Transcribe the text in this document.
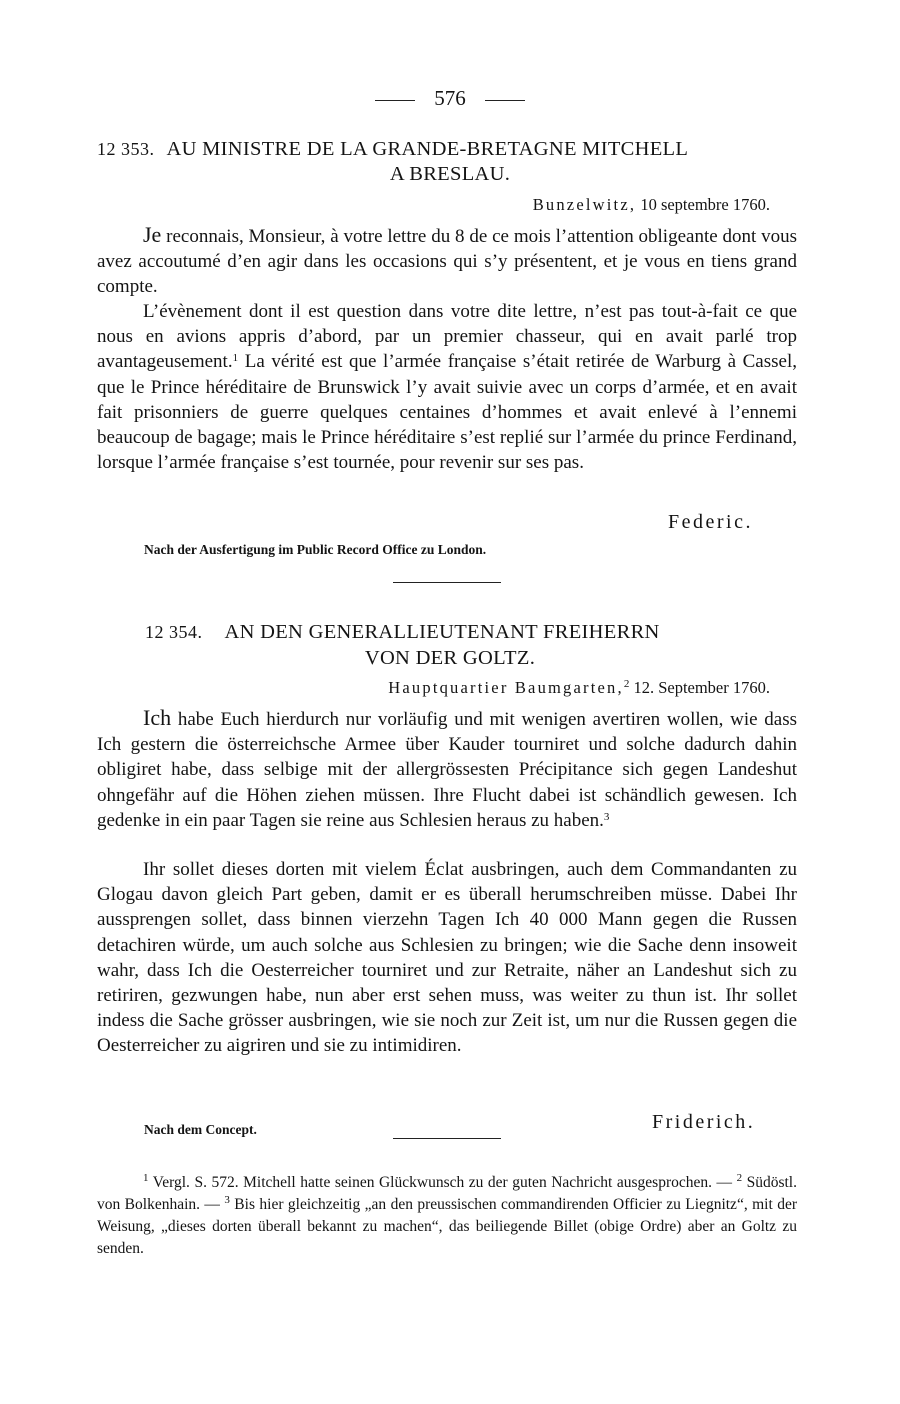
576
12 353. AU MINISTRE DE LA GRANDE-BRETAGNE MITCHELL
A BRESLAU.
Bunzelwitz, 10 septembre 1760.
Je reconnais, Monsieur, à votre lettre du 8 de ce mois l’attention obligeante dont vous avez accoutumé d’en agir dans les occasions qui s’y présentent, et je vous en tiens grand compte.
L’évènement dont il est question dans votre dite lettre, n’est pas tout-à-fait ce que nous en avions appris d’abord, par un premier chasseur, qui en avait parlé trop avantageusement.$^1$ La vérité est que l’armée française s’était retirée de Warburg à Cassel, que le Prince héréditaire de Brunswick l’y avait suivie avec un corps d’armée, et en avait fait prisonniers de guerre quelques centaines d’hommes et avait enlevé à l’ennemi beaucoup de bagage; mais le Prince héréditaire s’est replié sur l’armée du prince Ferdinand, lorsque l’armée française s’est tournée, pour revenir sur ses pas.
Federic.
Nach der Ausfertigung im Public Record Office zu London.
12 354. AN DEN GENERALLIEUTENANT FREIHERRN
VON DER GOLTZ.
Hauptquartier Baumgarten,$^2$ 12. September 1760.
Ich habe Euch hierdurch nur vorläufig und mit wenigen avertiren wollen, wie dass Ich gestern die österreichsche Armee über Kauder tourniret und solche dadurch dahin obligiret habe, dass selbige mit der allergrössesten Précipitance sich gegen Landeshut ohngefähr auf die Höhen ziehen müssen. Ihre Flucht dabei ist schändlich gewesen. Ich gedenke in ein paar Tagen sie reine aus Schlesien heraus zu haben.$^3$
Ihr sollet dieses dorten mit vielem Éclat ausbringen, auch dem Commandanten zu Glogau davon gleich Part geben, damit er es überall herumschreiben müsse. Dabei Ihr aussprengen sollet, dass binnen vierzehn Tagen Ich 40 000 Mann gegen die Russen detachiren würde, um auch solche aus Schlesien zu bringen; wie die Sache denn insoweit wahr, dass Ich die Oesterreicher tourniret und zur Retraite, näher an Landeshut sich zu retiriren, gezwungen habe, nun aber erst sehen muss, was weiter zu thun ist. Ihr sollet indess die Sache grösser ausbringen, wie sie noch zur Zeit ist, um nur die Russen gegen die Oesterreicher zu aigriren und sie zu intimidiren.
Friderich.
Nach dem Concept.
$^1$ Vergl. S. 572. Mitchell hatte seinen Glückwunsch zu der guten Nachricht ausgesprochen. — $^2$ Südöstl. von Bolkenhain. — $^3$ Bis hier gleichzeitig „an den preussischen commandirenden Officier zu Liegnitz“, mit der Weisung, „dieses dorten überall bekannt zu machen“, das beiliegende Billet (obige Ordre) aber an Goltz zu senden.
